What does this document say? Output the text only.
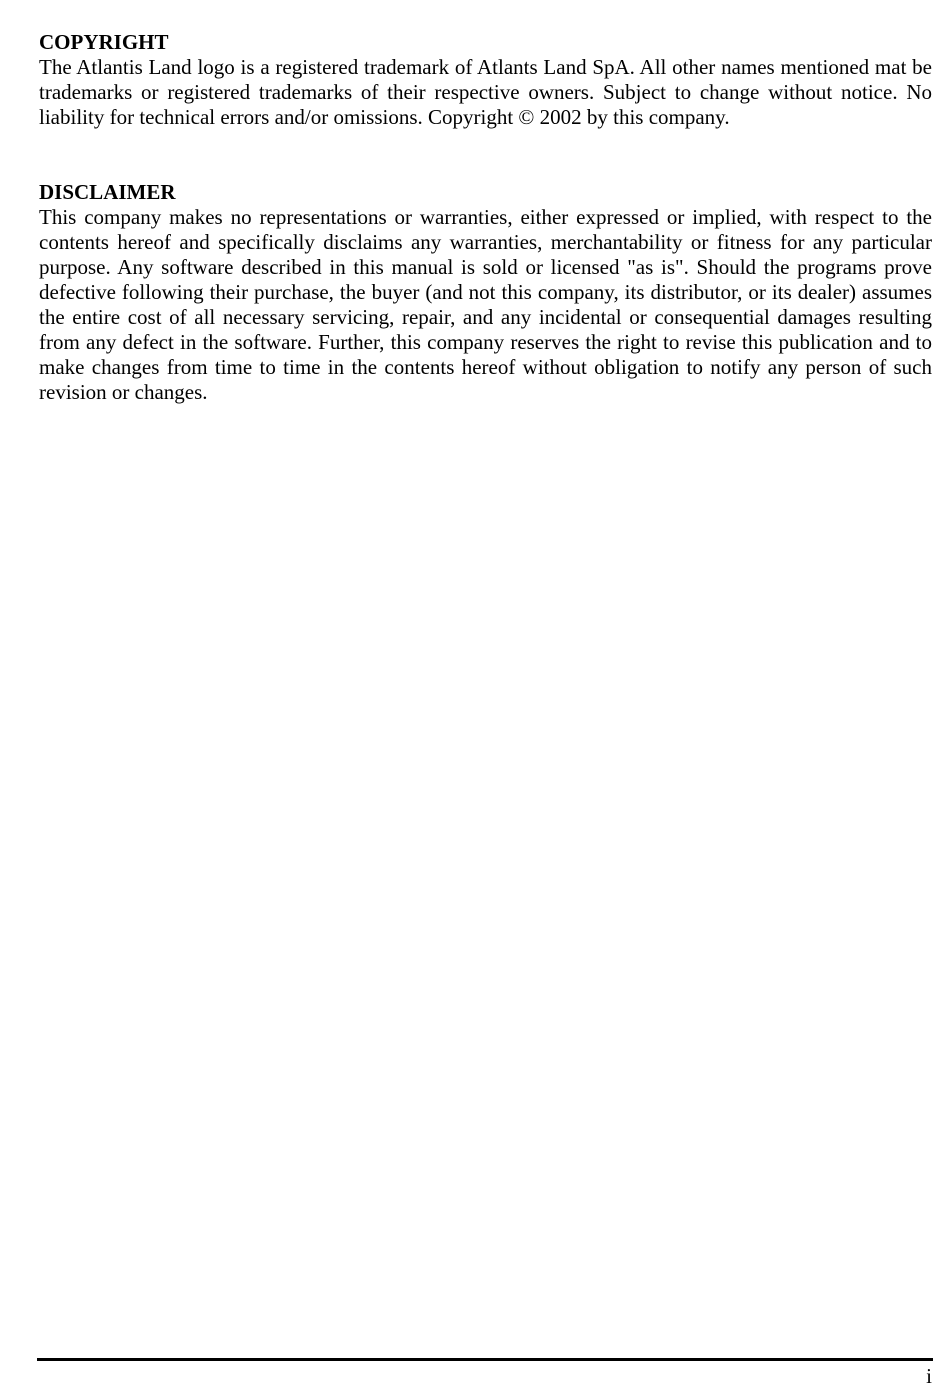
COPYRIGHT

The Atlantis Land logo is a registered trademark of Atlants Land SpA. All other names mentioned mat be trademarks or registered trademarks of their respective owners. Subject to change without notice. No liability for technical errors and/or omissions. Copyright © 2002 by this company.

DISCLAIMER

This company makes no representations or warranties, either expressed or implied, with respect to the contents hereof and specifically disclaims any warranties, merchantability or fitness for any particular purpose. Any software described in this manual is sold or licensed "as is". Should the programs prove defective following their purchase, the buyer (and not this company, its distributor, or its dealer) assumes the entire cost of all necessary servicing, repair, and any incidental or consequential damages resulting from any defect in the software. Further, this company reserves the right to revise this publication and to make changes from time to time in the contents hereof without obligation to notify any person of such revision or changes.

i
